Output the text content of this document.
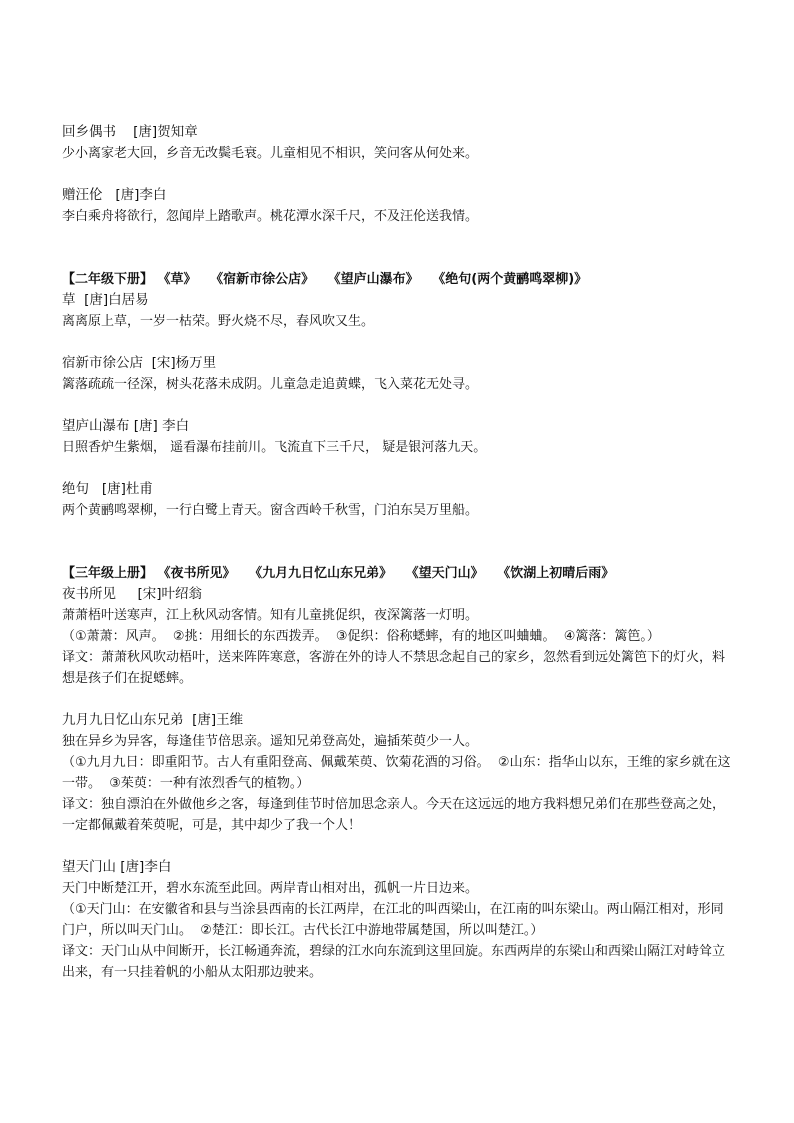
回乡偶书    [唐]贺知章
少小离家老大回，乡音无改鬓毛衰。儿童相见不相识，笑问客从何处来。
赠汪伦   [唐]李白
李白乘舟将欲行，忽闻岸上踏歌声。桃花潭水深千尺，不及汪伦送我情。
【二年级下册】 《草》   《宿新市徐公店》   《望庐山瀑布》   《绝句(两个黄鹂鸣翠柳)》
草  [唐]白居易
离离原上草，一岁一枯荣。野火烧不尽，春风吹又生。
宿新市徐公店  [宋]杨万里
篱落疏疏一径深，树头花落未成阴。儿童急走追黄蝶，飞入菜花无处寻。
望庐山瀑布 [唐] 李白
日照香炉生紫烟， 遥看瀑布挂前川。飞流直下三千尺， 疑是银河落九天。
绝句   [唐]杜甫
两个黄鹂鸣翠柳，一行白鹭上青天。窗含西岭千秋雪，门泊东吴万里船。
【三年级上册】 《夜书所见》   《九月九日忆山东兄弟》   《望天门山》   《饮湖上初晴后雨》
夜书所见     [宋]叶绍翁
萧萧梧叶送寒声，江上秋风动客情。知有儿童挑促织，夜深篱落一灯明。
（①萧萧：风声。  ②挑：用细长的东西拨弄。  ③促织：俗称蟋蟀，有的地区叫蛐蛐。  ④篱落：篱笆。）
译文：萧萧秋风吹动梧叶，送来阵阵寒意，客游在外的诗人不禁思念起自己的家乡，忽然看到远处篱笆下的灯火，料想是孩子们在捉蟋蟀。
九月九日忆山东兄弟  [唐]王维
独在异乡为异客，每逢佳节倍思亲。遥知兄弟登高处，遍插茱萸少一人。
（①九月九日：即重阳节。古人有重阳登高、佩戴茱萸、饮菊花酒的习俗。  ②山东：指华山以东，王维的家乡就在这一带。  ③茱萸：一种有浓烈香气的植物。）
译文：独自漂泊在外做他乡之客，每逢到佳节时倍加思念亲人。今天在这远远的地方我料想兄弟们在那些登高之处，一定都佩戴着茱萸呢，可是，其中却少了我一个人！
望天门山 [唐]李白
天门中断楚江开，碧水东流至此回。两岸青山相对出，孤帆一片日边来。
（①天门山：在安徽省和县与当涂县西南的长江两岸，在江北的叫西梁山，在江南的叫东梁山。两山隔江相对，形同门户，所以叫天门山。  ②楚江：即长江。古代长江中游地带属楚国，所以叫楚江。）
译文：天门山从中间断开，长江畅通奔流，碧绿的江水向东流到这里回旋。东西两岸的东梁山和西梁山隔江对峙耸立出来，有一只挂着帆的小船从太阳那边驶来。
